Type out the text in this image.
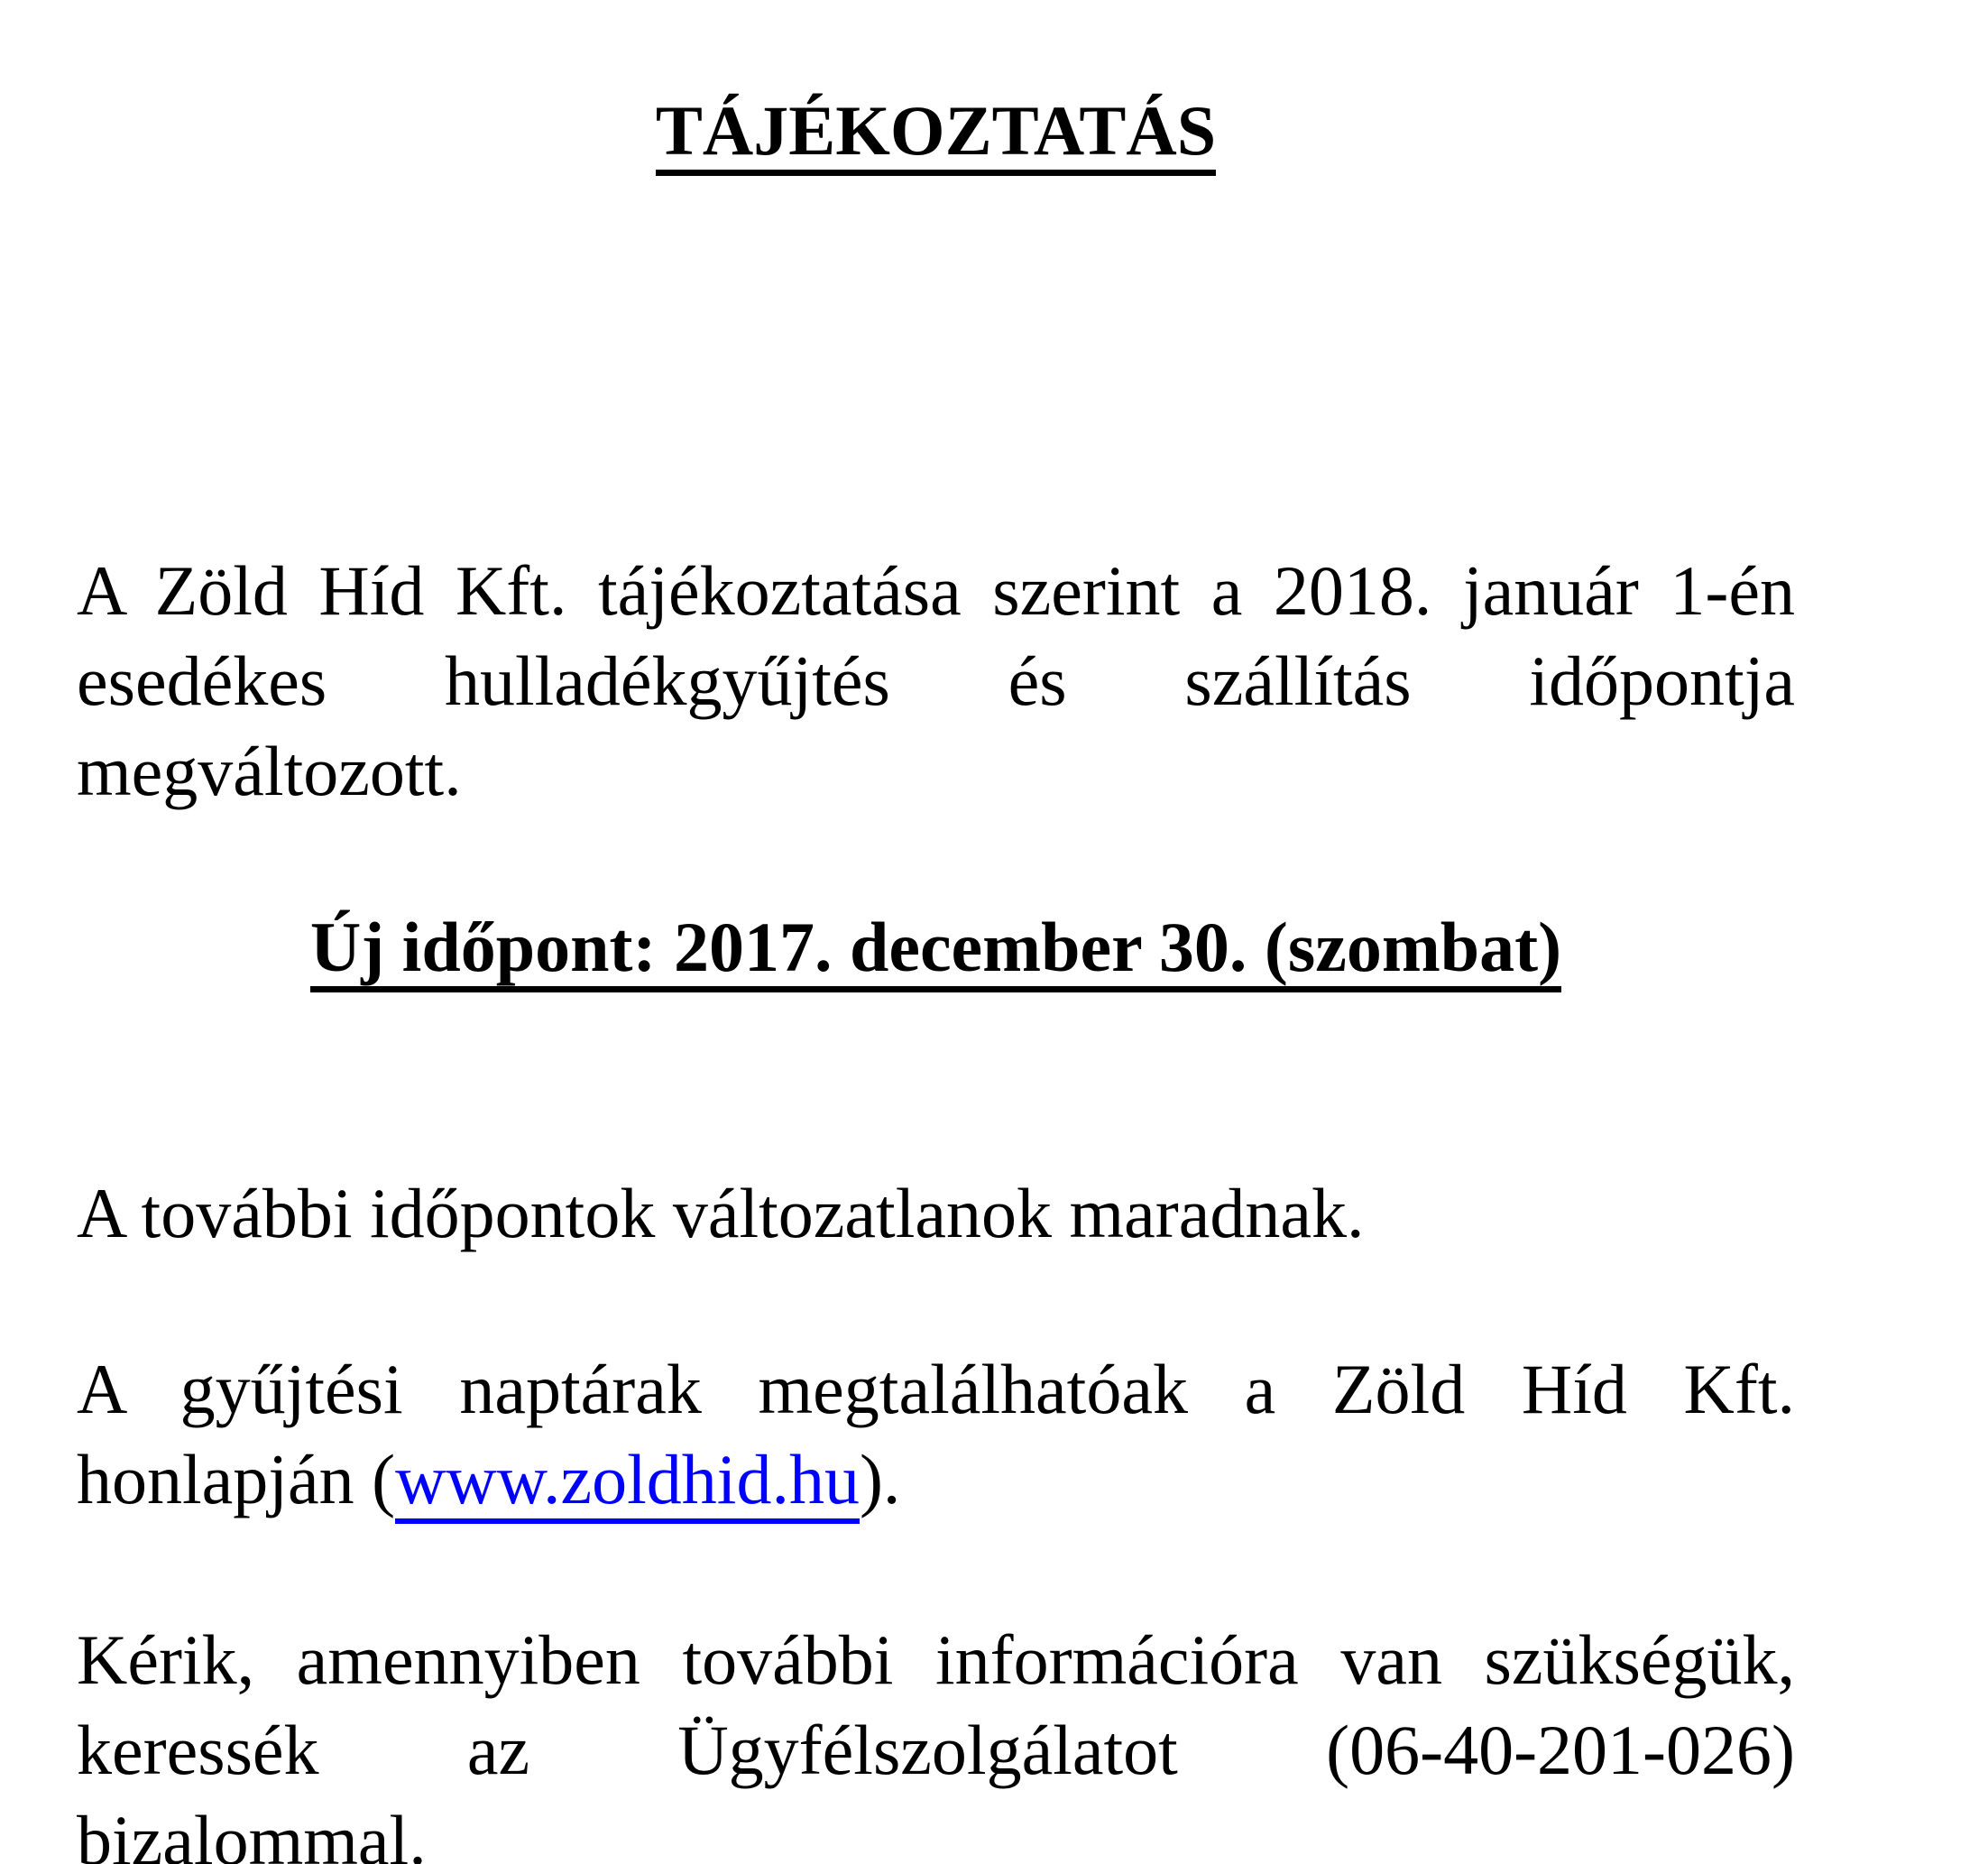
TÁJÉKOZTATÁS
A Zöld Híd Kft. tájékoztatása szerint a 2018. január 1-én
esedékes hulladékgyűjtés és szállítás időpontja
megváltozott.
Új időpont: 2017. december 30. (szombat)
A további időpontok változatlanok maradnak.
A gyűjtési naptárak megtalálhatóak a Zöld Híd Kft.
honlapján (www.zoldhid.hu).
Kérik, amennyiben további információra van szükségük,
keressék az Ügyfélszolgálatot (06-40-201-026)
bizalommal.
